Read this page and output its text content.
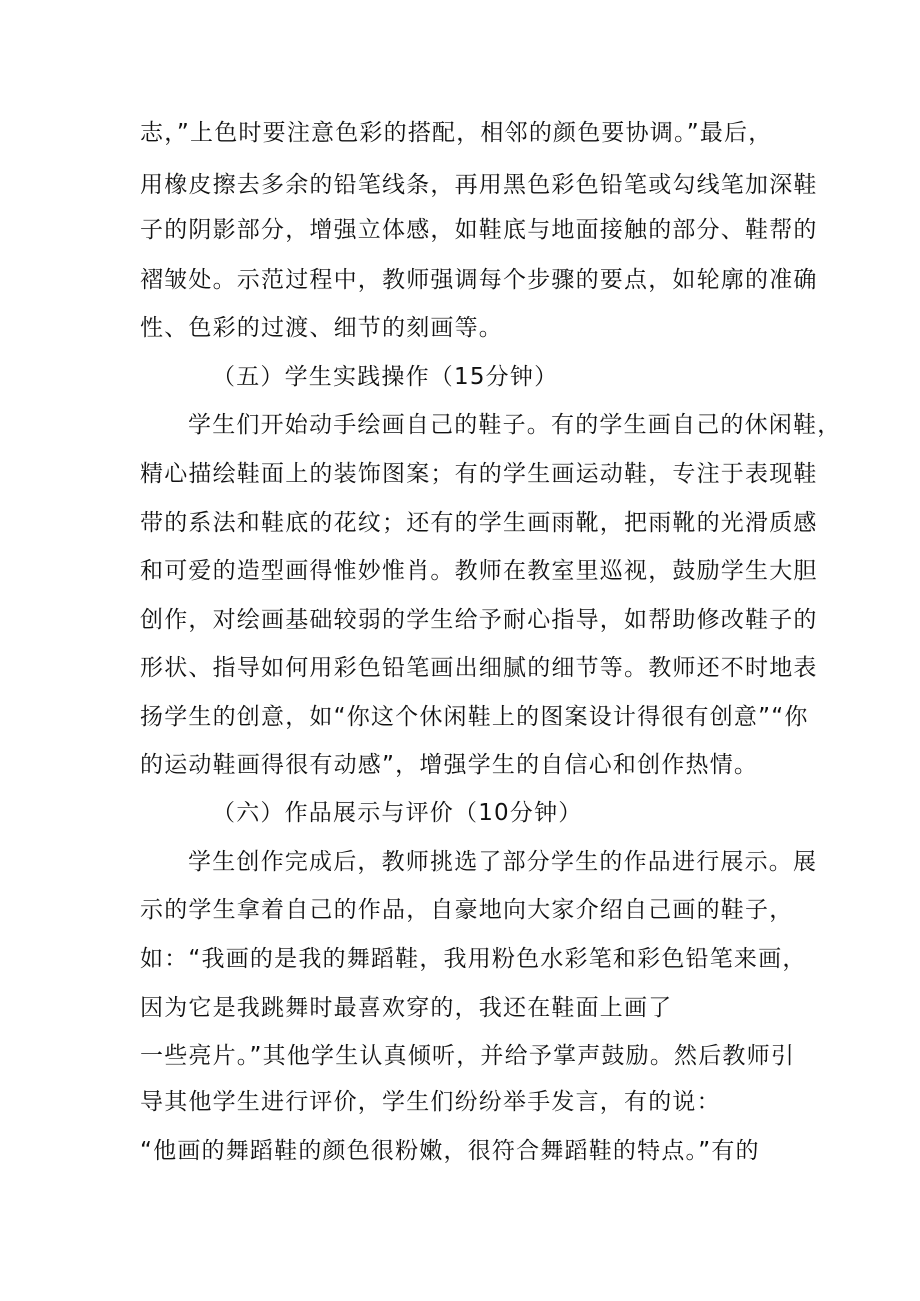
志，”上色时要注意色彩的搭配，相邻的颜色要协调。”最后，
用橡皮擦去多余的铅笔线条，再用黑色彩色铅笔或勾线笔加深鞋
子的阴影部分，增强立体感，如鞋底与地面接触的部分、鞋帮的
褶皱处。示范过程中，教师强调每个步骤的要点，如轮廓的准确
性、色彩的过渡、细节的刻画等。
（五）学生实践操作（15分钟）
学生们开始动手绘画自己的鞋子。有的学生画自己的休闲鞋，
精心描绘鞋面上的装饰图案；有的学生画运动鞋，专注于表现鞋
带的系法和鞋底的花纹；还有的学生画雨靴，把雨靴的光滑质感
和可爱的造型画得惟妙惟肖。教师在教室里巡视，鼓励学生大胆
创作，对绘画基础较弱的学生给予耐心指导，如帮助修改鞋子的
形状、指导如何用彩色铅笔画出细腻的细节等。教师还不时地表
扬学生的创意，如“你这个休闲鞋上的图案设计得很有创意”“你
的运动鞋画得很有动感”，增强学生的自信心和创作热情。
（六）作品展示与评价（10分钟）
学生创作完成后，教师挑选了部分学生的作品进行展示。展
示的学生拿着自己的作品，自豪地向大家介绍自己画的鞋子，
如：“我画的是我的舞蹈鞋，我用粉色水彩笔和彩色铅笔来画，
因为它是我跳舞时最喜欢穿的，我还在鞋面上画了
一些亮片。”其他学生认真倾听，并给予掌声鼓励。然后教师引
导其他学生进行评价，学生们纷纷举手发言，有的说：
“他画的舞蹈鞋的颜色很粉嫩，很符合舞蹈鞋的特点。”有的
